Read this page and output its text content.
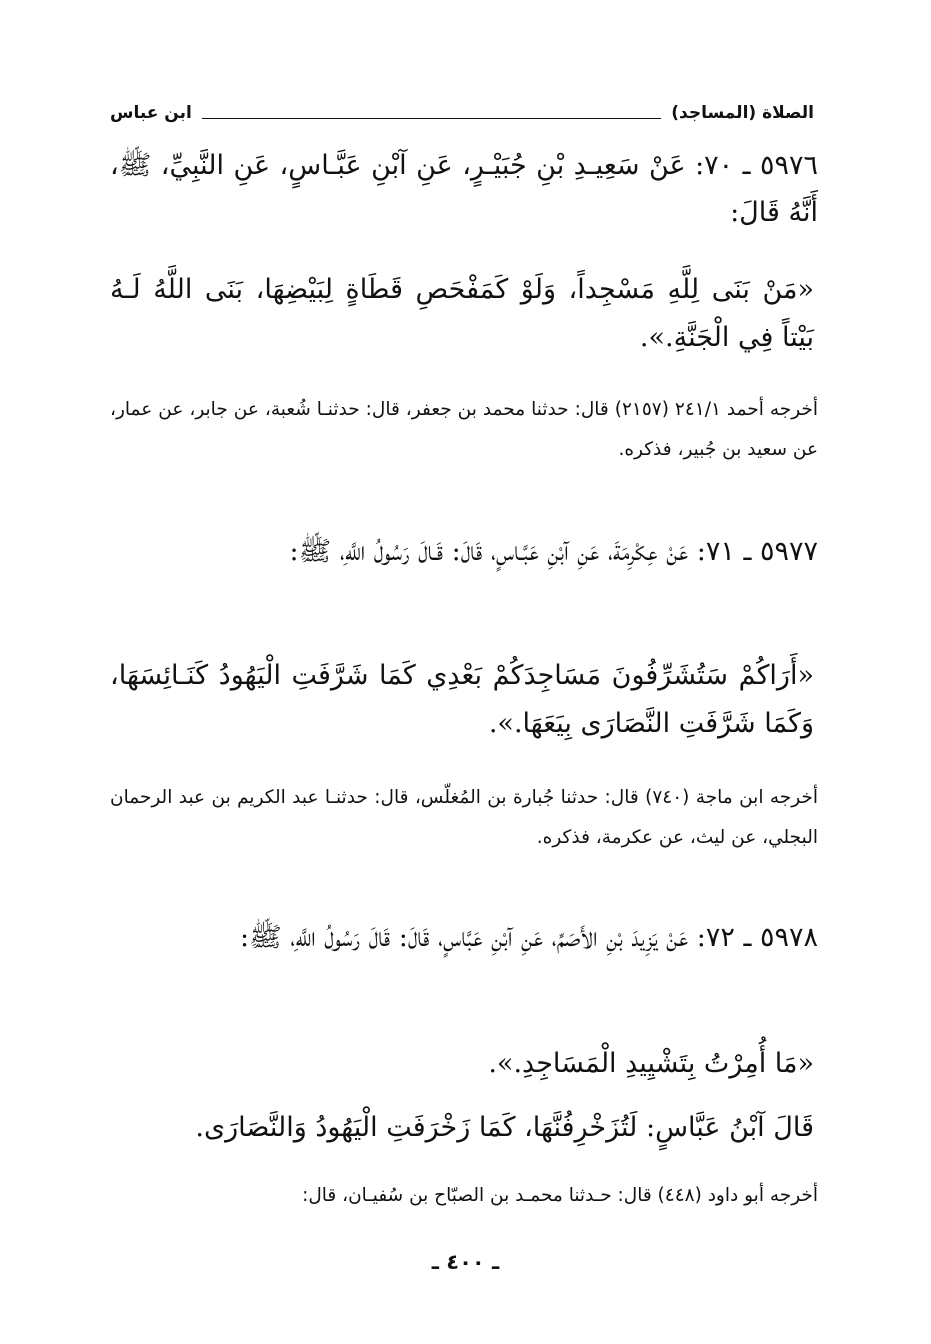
الصلاة (المساجد)
ابن عباس
٥٩٧٦ ـ ٧٠: عَنْ سَعِيـدِ بْنِ جُبَيْـرٍ، عَنِ آبْنِ عَبَّـاسٍ، عَنِ النَّبِيِّ، ﷺ، أَنَّهُ قَالَ:
«مَنْ بَنَى لِلَّهِ مَسْجِداً، وَلَوْ كَمَفْحَصِ قَطَاةٍ لِبَيْضِهَا، بَنَى اللَّهُ لَـهُ بَيْتاً فِي الْجَنَّةِ.».
أخرجه أحمد ٢٤١/١ (٢١٥٧) قال: حدثنا محمد بن جعفر، قال: حدثنـا شُعبة، عن جابر، عن عمار، عن سعيد بن جُبير، فذكره.
٥٩٧٧ ـ ٧١: عَنْ عِكْرِمَةَ، عَنِ آبْنِ عَبَّـاسٍ، قَالَ: قَـالَ رَسُولُ اللَّهِ، ﷺ:
«أَرَاكُمْ سَتُشَرِّفُونَ مَسَاجِدَكُمْ بَعْدِي كَمَا شَرَّفَتِ الْيَهُودُ كَنَـائِسَهَا، وَكَمَا شَرَّفَتِ النَّصَارَى بِيَعَهَا.».
أخرجه ابن ماجة (٧٤٠) قال: حدثنا جُبارة بن المُغلّس، قال: حدثنـا عبد الكريم بن عبد الرحمان البجلي، عن ليث، عن عكرمة، فذكره.
٥٩٧٨ ـ ٧٢: عَنْ يَزِيدَ بْنِ الأَصَمِّ، عَنِ آبْنِ عَبَّاسٍ، قَالَ: قَالَ رَسُولُ اللَّهِ، ﷺ:
«مَا أُمِرْتُ بِتَشْيِيدِ الْمَسَاجِدِ.».
قَالَ آبْنُ عَبَّاسٍ: لَتُزَخْرِفُنَّهَا، كَمَا زَخْرَفَتِ الْيَهُودُ وَالنَّصَارَى.
أخرجه أبو داود (٤٤٨) قال: حـدثنا محمـد بن الصبّاح بن سُفيـان، قال:
ـ ٤٠٠ ـ
